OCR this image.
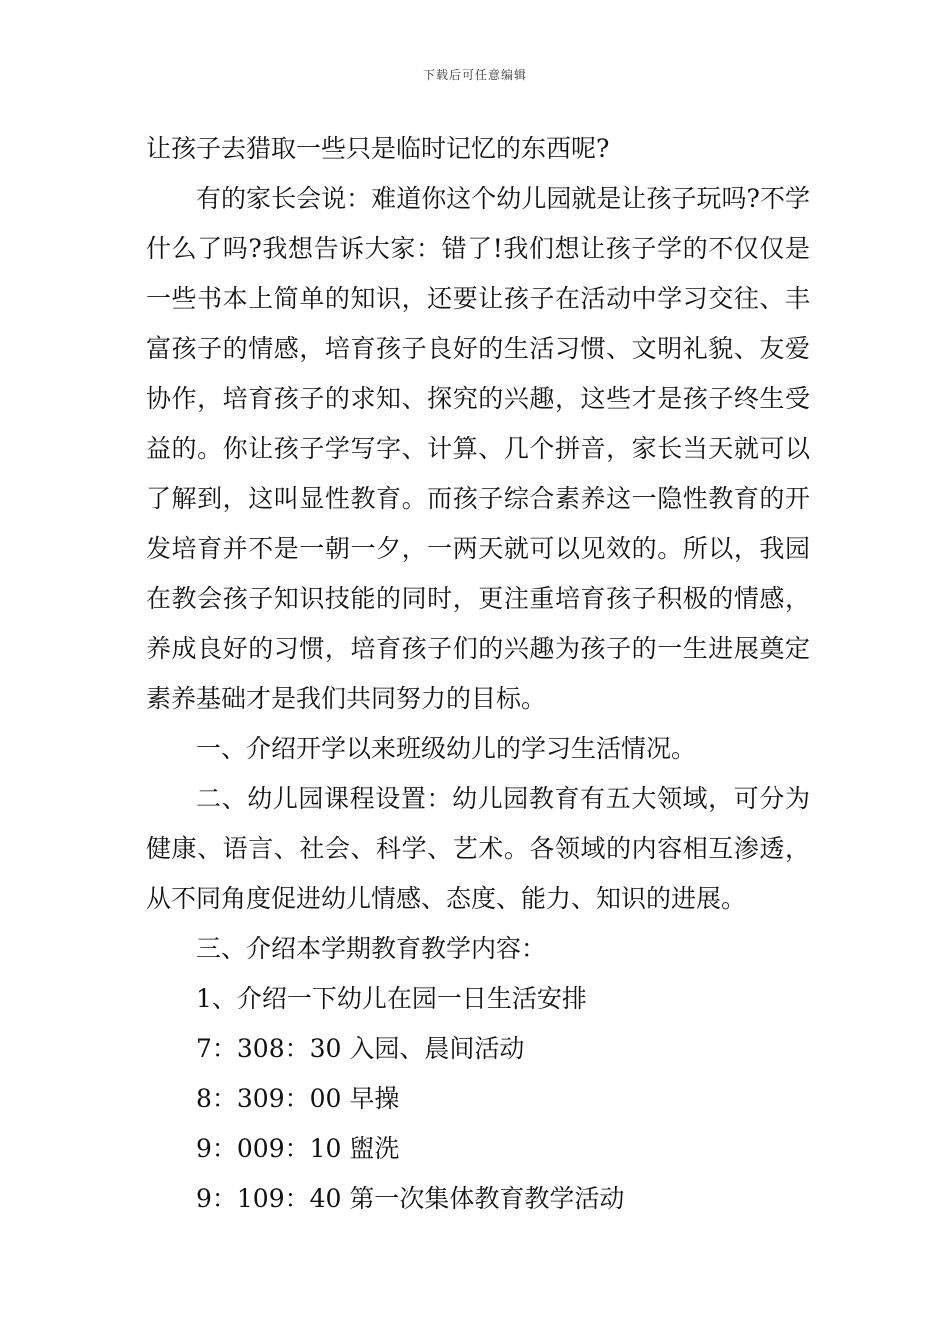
下载后可任意编辑

让孩子去猎取一些只是临时记忆的东西呢?

有的家长会说：难道你这个幼儿园就是让孩子玩吗?不学什么了吗?我想告诉大家：错了!我们想让孩子学的不仅仅是一些书本上简单的知识，还要让孩子在活动中学习交往、丰富孩子的情感，培育孩子良好的生活习惯、文明礼貌、友爱协作，培育孩子的求知、探究的兴趣，这些才是孩子终生受益的。你让孩子学写字、计算、几个拼音，家长当天就可以了解到，这叫显性教育。而孩子综合素养这一隐性教育的开发培育并不是一朝一夕，一两天就可以见效的。所以，我园在教会孩子知识技能的同时，更注重培育孩子积极的情感，养成良好的习惯，培育孩子们的兴趣为孩子的一生进展奠定素养基础才是我们共同努力的目标。

一、介绍开学以来班级幼儿的学习生活情况。

二、幼儿园课程设置：幼儿园教育有五大领域，可分为健康、语言、社会、科学、艺术。各领域的内容相互渗透，从不同角度促进幼儿情感、态度、能力、知识的进展。

三、介绍本学期教育教学内容：

1、介绍一下幼儿在园一日生活安排

7：308：30 入园、晨间活动

8：309：00 早操

9：009：10 盥洗

9：109：40 第一次集体教育教学活动
